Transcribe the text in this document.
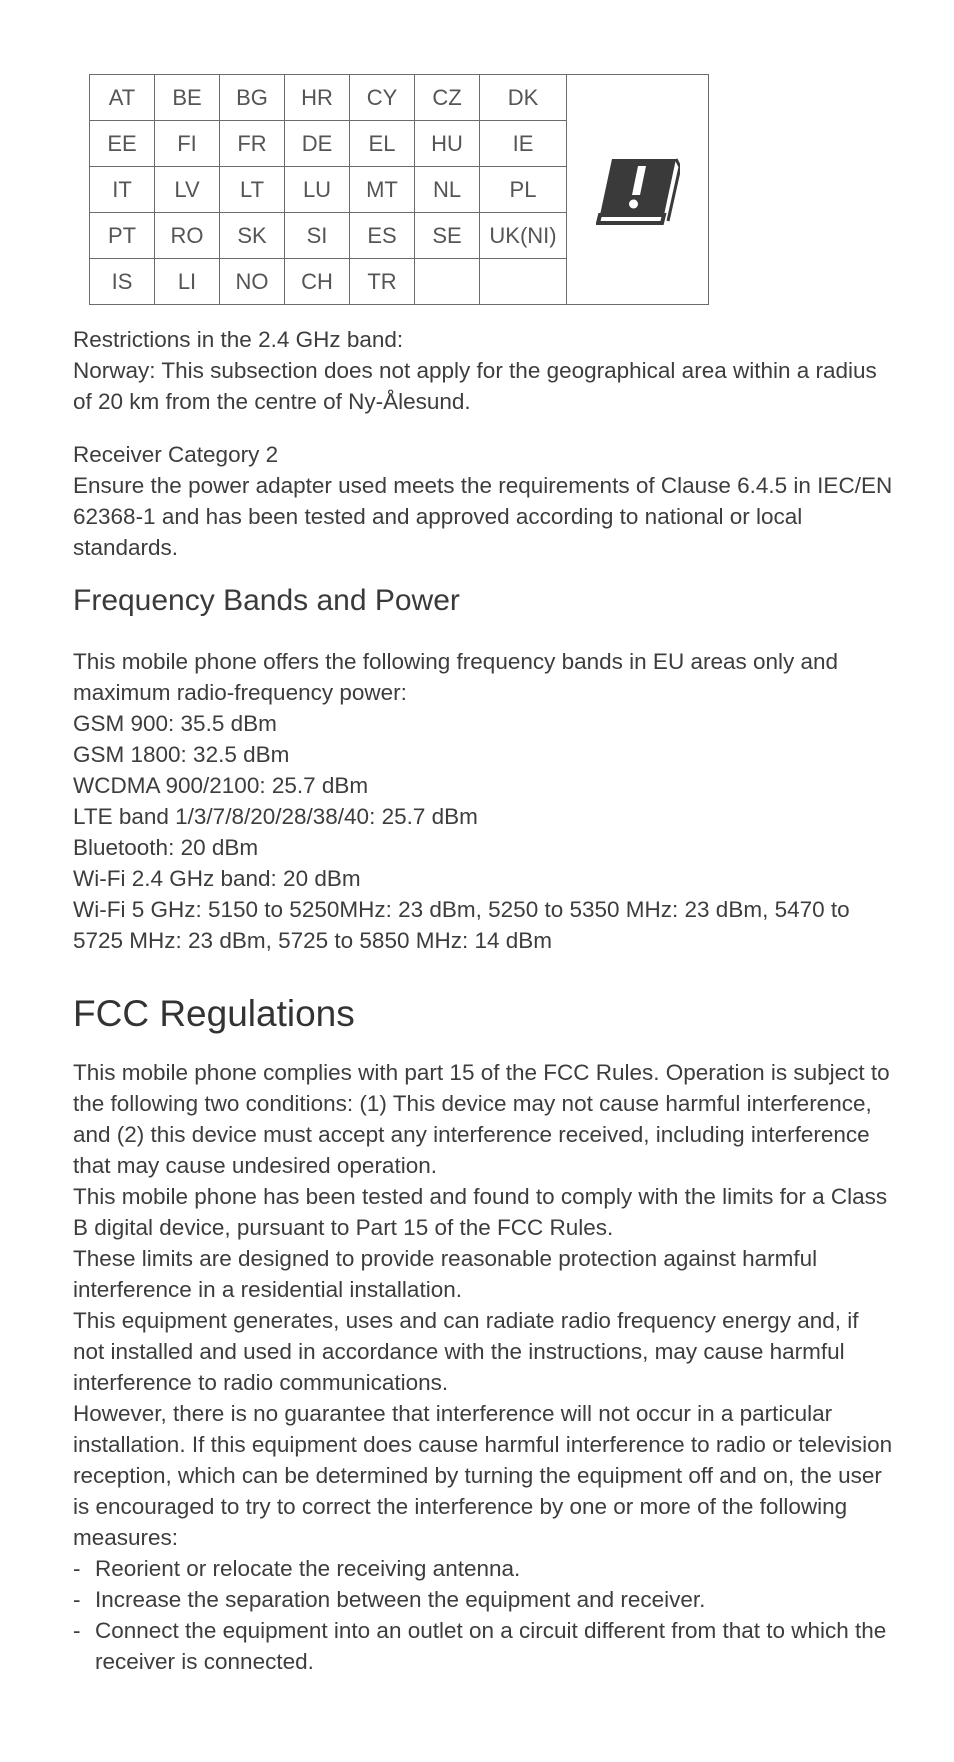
AT	BE	BG	HR	CY	CZ	DK	

EE	FI	FR	DE	EL	HU	IE	
IT	LV	LT	LU	MT	NL	PL	
PT	RO	SK	SI	ES	SE	UK(NI)	
IS	LI	NO	CH	TR			

Restrictions in the 2.4 GHz band:

Norway: This subsection does not apply for the geographical area within a radius of 20 km from the centre of Ny-Ålesund.

Receiver Category 2

Ensure the power adapter used meets the requirements of Clause 6.4.5 in IEC/EN 62368-1 and has been tested and approved according to national or local standards.

Frequency Bands and Power

This mobile phone offers the following frequency bands in EU areas only and maximum radio-frequency power:

GSM 900: 35.5 dBm

GSM 1800: 32.5 dBm

WCDMA 900/2100: 25.7 dBm

LTE band 1/3/7/8/20/28/38/40: 25.7 dBm

Bluetooth: 20 dBm

Wi-Fi 2.4 GHz band: 20 dBm

Wi-Fi 5 GHz: 5150 to 5250MHz: 23 dBm, 5250 to 5350 MHz: 23 dBm, 5470 to 5725 MHz: 23 dBm, 5725 to 5850 MHz: 14 dBm

FCC Regulations

This mobile phone complies with part 15 of the FCC Rules. Operation is subject to the following two conditions: (1) This device may not cause harmful interference, and (2) this device must accept any interference received, including interference that may cause undesired operation.

This mobile phone has been tested and found to comply with the limits for a Class B digital device, pursuant to Part 15 of the FCC Rules.

These limits are designed to provide reasonable protection against harmful interference in a residential installation.

This equipment generates, uses and can radiate radio frequency energy and, if not installed and used in accordance with the instructions, may cause harmful interference to radio communications.

However, there is no guarantee that interference will not occur in a particular installation. If this equipment does cause harmful interference to radio or television reception, which can be determined by turning the equipment off and on, the user is encouraged to try to correct the interference by one or more of the following measures:

- Reorient or relocate the receiving antenna.
- Increase the separation between the equipment and receiver.
- Connect the equipment into an outlet on a circuit different from that to which the receiver is connected.
